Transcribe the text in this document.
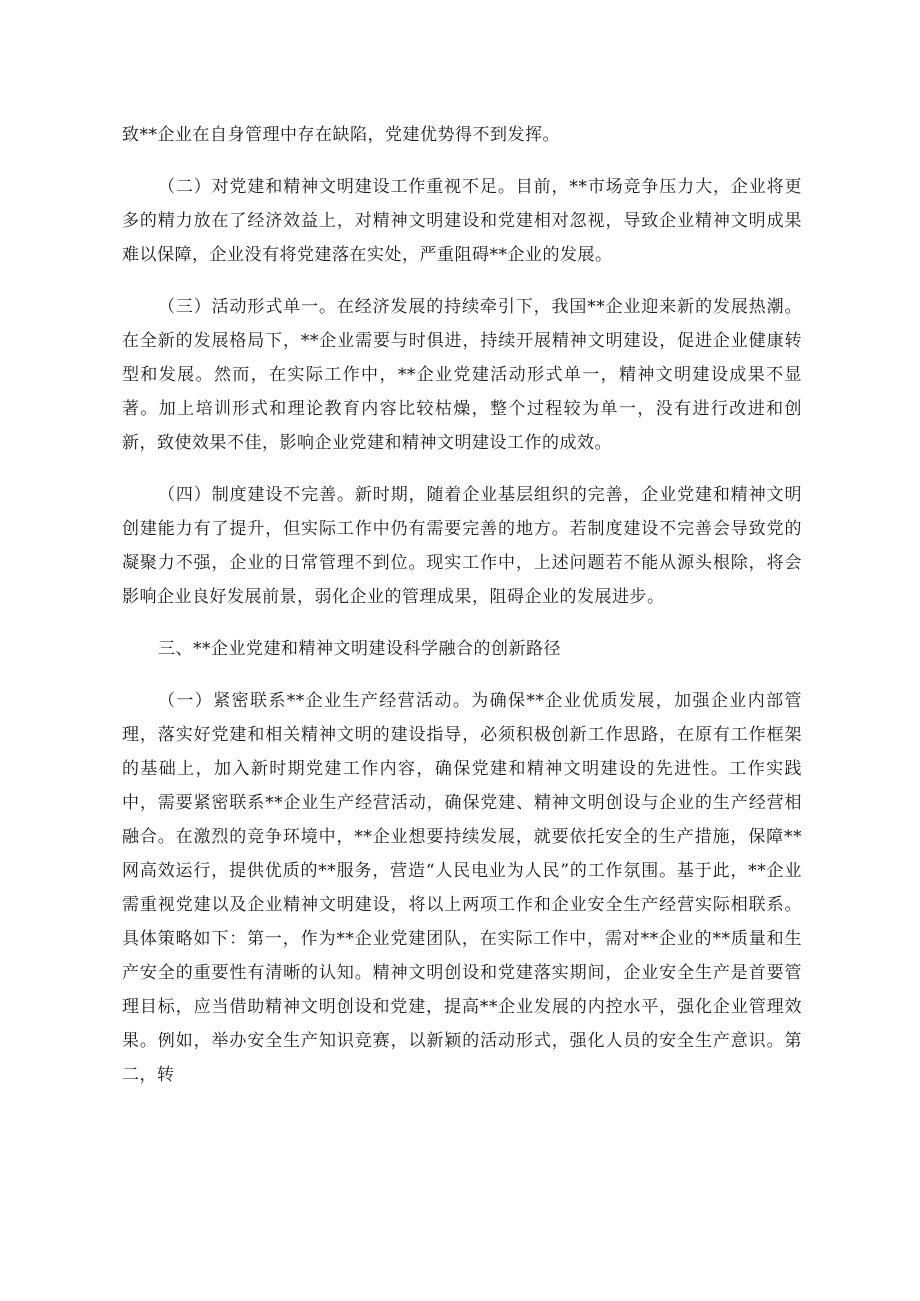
致**企业在自身管理中存在缺陷，党建优势得不到发挥。

（二）对党建和精神文明建设工作重视不足。目前，**市场竞争压力大，企业将更多的精力放在了经济效益上，对精神文明建设和党建相对忽视，导致企业精神文明成果难以保障，企业没有将党建落在实处，严重阻碍**企业的发展。

（三）活动形式单一。在经济发展的持续牵引下，我国**企业迎来新的发展热潮。在全新的发展格局下，**企业需要与时俱进，持续开展精神文明建设，促进企业健康转型和发展。然而，在实际工作中，**企业党建活动形式单一，精神文明建设成果不显著。加上培训形式和理论教育内容比较枯燥，整个过程较为单一，没有进行改进和创新，致使效果不佳，影响企业党建和精神文明建设工作的成效。

（四）制度建设不完善。新时期，随着企业基层组织的完善，企业党建和精神文明创建能力有了提升，但实际工作中仍有需要完善的地方。若制度建设不完善会导致党的凝聚力不强，企业的日常管理不到位。现实工作中，上述问题若不能从源头根除，将会影响企业良好发展前景，弱化企业的管理成果，阻碍企业的发展进步。

三、**企业党建和精神文明建设科学融合的创新路径

（一）紧密联系**企业生产经营活动。为确保**企业优质发展，加强企业内部管理，落实好党建和相关精神文明的建设指导，必须积极创新工作思路，在原有工作框架的基础上，加入新时期党建工作内容，确保党建和精神文明建设的先进性。工作实践中，需要紧密联系**企业生产经营活动，确保党建、精神文明创设与企业的生产经营相融合。在激烈的竞争环境中，**企业想要持续发展，就要依托安全的生产措施，保障**网高效运行，提供优质的**服务，营造“人民电业为人民”的工作氛围。基于此，**企业需重视党建以及企业精神文明建设，将以上两项工作和企业安全生产经营实际相联系。具体策略如下：第一，作为**企业党建团队，在实际工作中，需对**企业的**质量和生产安全的重要性有清晰的认知。精神文明创设和党建落实期间，企业安全生产是首要管理目标，应当借助精神文明创设和党建，提高**企业发展的内控水平，强化企业管理效果。例如，举办安全生产知识竞赛，以新颖的活动形式，强化人员的安全生产意识。第二，转
